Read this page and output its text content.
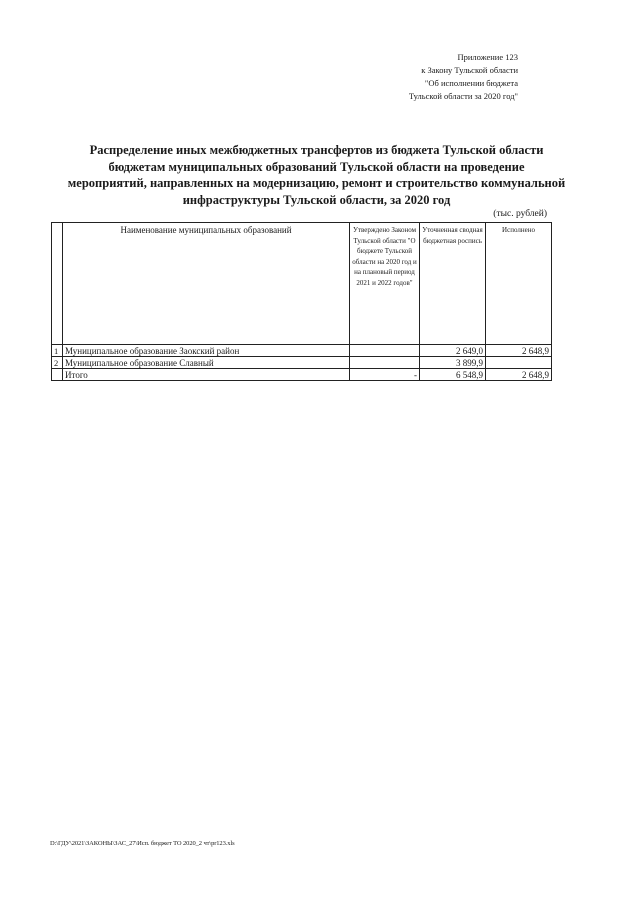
Приложение 123
к Закону Тульской области
"Об исполнении бюджета
Тульской области за 2020 год"
Распределение иных межбюджетных трансфертов из бюджета Тульской области
бюджетам муниципальных образований Тульской области на проведение
мероприятий, направленных на модернизацию, ремонт и строительство коммунальной
инфраструктуры Тульской области, за 2020 год
(тыс. рублей)
	Наименование муниципальных образований	Утверждено Законом Тульской области "О бюджете Тульской области на 2020 год и на плановый период 2021 и 2022 годов"	Уточненная сводная бюджетная роспись	Исполнено
1	Муниципальное образование Заокский район		2 649,0	2 648,9
2	Муниципальное образование Славный		3 899,9	
	Итого	-	6 548,9	2 648,9
D:\ГДУ\2021\ЗАКОНЫ\ЗАС_27\Исп. бюджет ТО 2020_2 чт\pr123.xls
